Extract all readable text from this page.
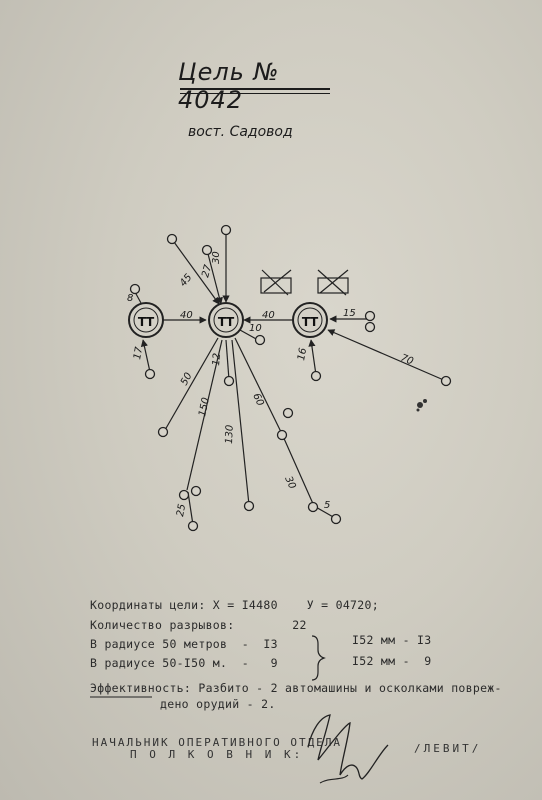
Цель № 4042
вост. Садовод
ТТ	ТТ	ТТ
45
27
30
8
40	40
10
15
17	16	70
50
12
60
150
130
30
25	5
Координаты цели: Х = I4480    У = 04720;
Количество разрывов:        22
В радиусе 50 метров  -  I3
В радиусе 50-I50 м.  -   9
I52 мм - I3
I52 мм -  9
Эффективность: Разбито - 2 автомашины и осколками повреж-
дено орудий - 2.
НАЧАЛЬНИК ОПЕРАТИВНОГО ОТДЕЛА
П О Л К О В Н И К:	/ЛЕВИТ/
